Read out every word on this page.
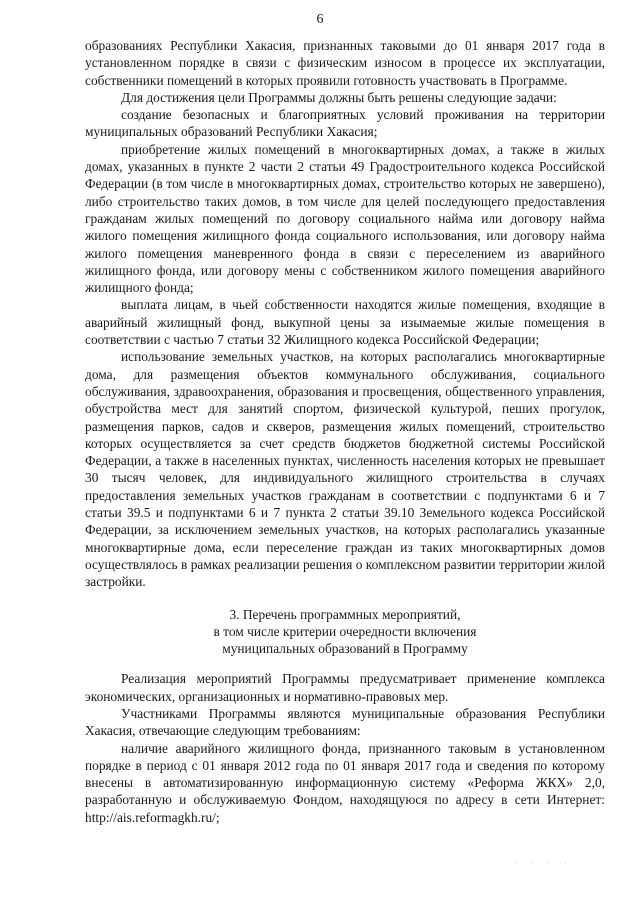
6

образованиях Республики Хакасия, признанных таковыми до 01 января 2017 года в установленном порядке в связи с физическим износом в процессе их эксплуатации, собственники помещений в которых проявили готовность участвовать в Программе.

Для достижения цели Программы должны быть решены следующие задачи:

создание безопасных и благоприятных условий проживания на территории муниципальных образований Республики Хакасия;

приобретение жилых помещений в многоквартирных домах, а также в жилых домах, указанных в пункте 2 части 2 статьи 49 Градостроительного кодекса Российской Федерации (в том числе в многоквартирных домах, строительство которых не завершено), либо строительство таких домов, в том числе для целей последующего предоставления гражданам жилых помещений по договору социального найма или договору найма жилого помещения жилищного фонда социального использования, или договору найма жилого помещения маневренного фонда в связи с переселением из аварийного жилищного фонда, или договору мены с собственником жилого помещения аварийного жилищного фонда;

выплата лицам, в чьей собственности находятся жилые помещения, входящие в аварийный жилищный фонд, выкупной цены за изымаемые жилые помещения в соответствии с частью 7 статьи 32 Жилищного кодекса Российской Федерации;

использование земельных участков, на которых располагались многоквартирные дома, для размещения объектов коммунального обслуживания, социального обслуживания, здравоохранения, образования и просвещения, общественного управления, обустройства мест для занятий спортом, физической культурой, пеших прогулок, размещения парков, садов и скверов, размещения жилых помещений, строительство которых осуществляется за счет средств бюджетов бюджетной системы Российской Федерации, а также в населенных пунктах, численность населения которых не превышает 30 тысяч человек, для индивидуального жилищного строительства в случаях предоставления земельных участков гражданам в соответствии с подпунктами 6 и 7 статьи 39.5 и подпунктами 6 и 7 пункта 2 статьи 39.10 Земельного кодекса Российской Федерации, за исключением земельных участков, на которых располагались указанные многоквартирные дома, если переселение граждан из таких многоквартирных домов осуществлялось в рамках реализации решения о комплексном развитии территории жилой застройки.

3. Перечень программных мероприятий,
в том числе критерии очередности включения
муниципальных образований в Программу

Реализация мероприятий Программы предусматривает применение комплекса экономических, организационных и нормативно-правовых мер.

Участниками Программы являются муниципальные образования Республики Хакасия, отвечающие следующим требованиям:

наличие аварийного жилищного фонда, признанного таковым в установленном порядке в период с 01 января 2012 года по 01 января 2017 года и сведения по которому внесены в автоматизированную информационную систему «Реформа ЖКХ» 2,0, разработанную и обслуживаемую Фондом, находящуюся по адресу в сети Интернет: http://ais.reformagkh.ru/;

· · · ·
